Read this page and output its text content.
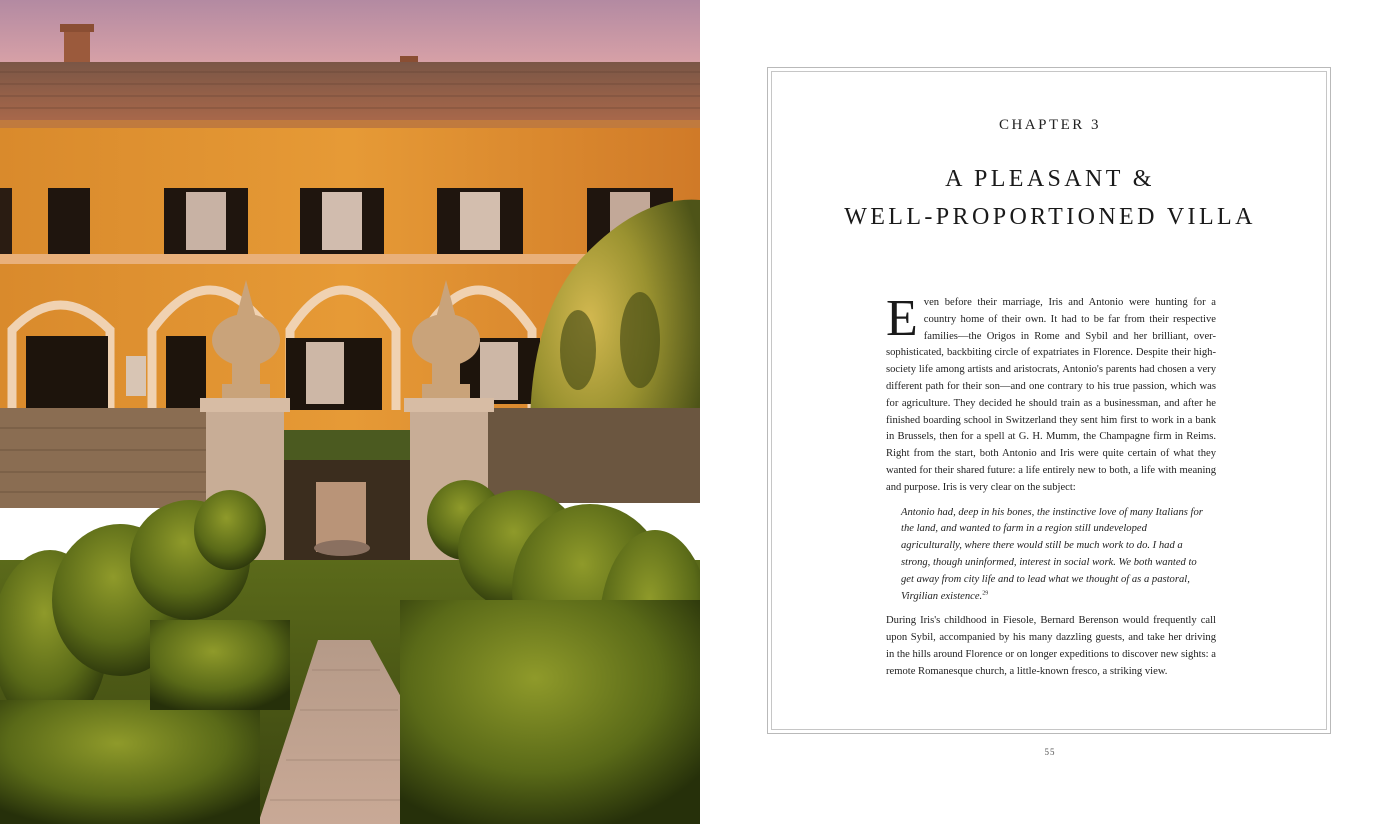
CHAPTER 3
A PLEASANT &
WELL-PROPORTIONED VILLA

Even before their marriage, Iris and Antonio were hunting for a country home of their own. It had to be far from their respective families—the Origos in Rome and Sybil and her brilliant, over-sophisticated, backbiting circle of expatriates in Florence. Despite their high-society life among artists and aristocrats, Antonio's parents had chosen a very different path for their son—and one contrary to his true passion, which was for agriculture. They decided he should train as a businessman, and after he finished boarding school in Switzerland they sent him first to work in a bank in Brussels, then for a spell at G. H. Mumm, the Champagne firm in Reims. Right from the start, both Antonio and Iris were quite certain of what they wanted for their shared future: a life entirely new to both, a life with meaning and purpose. Iris is very clear on the subject:

Antonio had, deep in his bones, the instinctive love of many Italians for the land, and wanted to farm in a region still undeveloped agriculturally, where there would still be much work to do. I had a strong, though uninformed, interest in social work. We both wanted to get away from city life and to lead what we thought of as a pastoral, Virgilian existence.$^{29}$

During Iris's childhood in Fiesole, Bernard Berenson would frequently call upon Sybil, accompanied by his many dazzling guests, and take her driving in the hills around Florence or on longer expeditions to discover new sights: a remote Romanesque church, a little-known fresco, a striking view.

55
